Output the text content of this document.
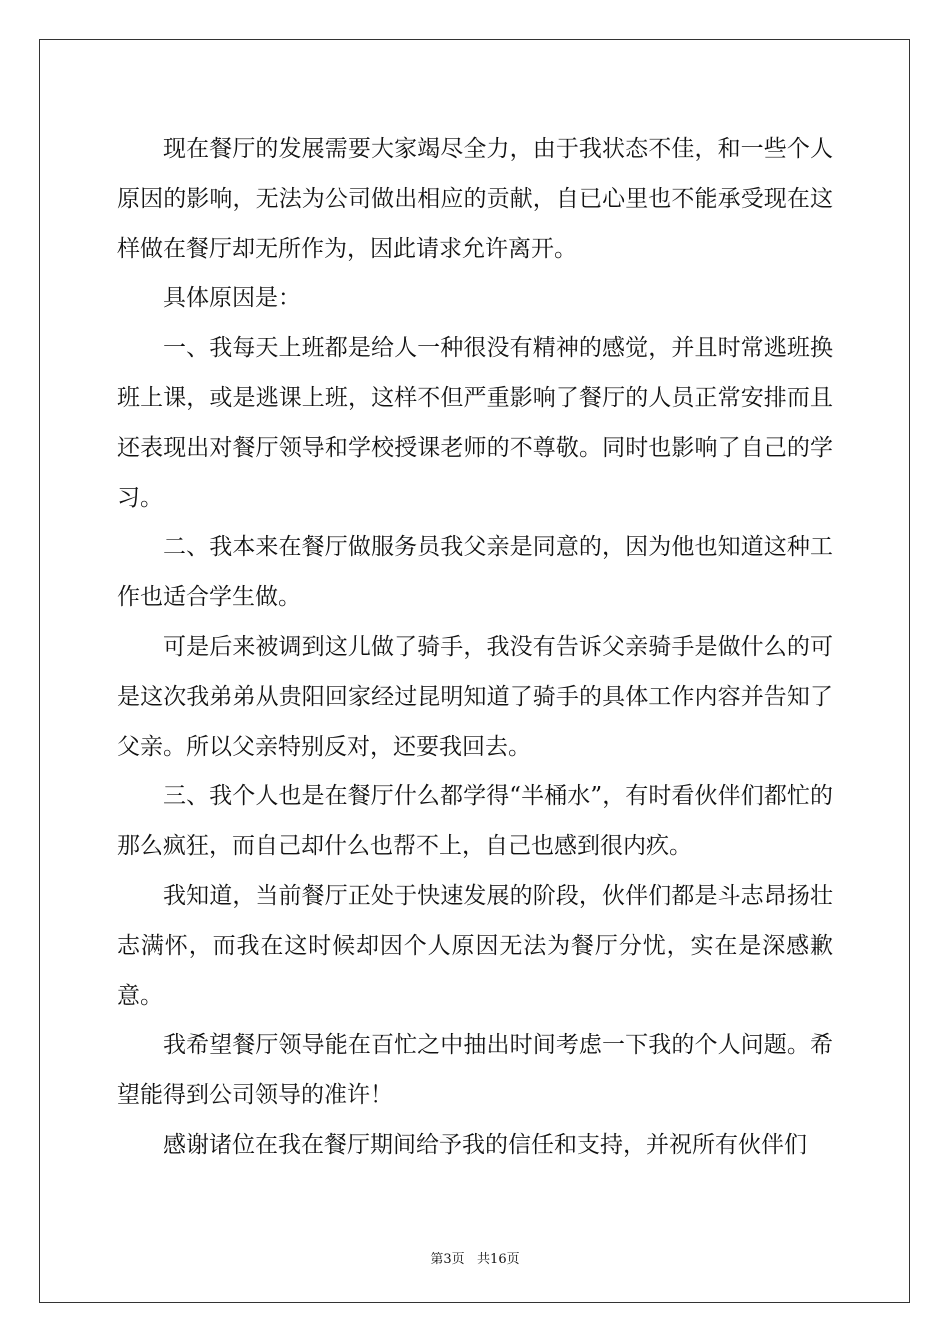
现在餐厅的发展需要大家竭尽全力，由于我状态不佳，和一些个人原因的影响，无法为公司做出相应的贡献，自已心里也不能承受现在这样做在餐厅却无所作为，因此请求允许离开。

具体原因是：

一、我每天上班都是给人一种很没有精神的感觉，并且时常逃班换班上课，或是逃课上班，这样不但严重影响了餐厅的人员正常安排而且还表现出对餐厅领导和学校授课老师的不尊敬。同时也影响了自己的学习。

二、我本来在餐厅做服务员我父亲是同意的，因为他也知道这种工作也适合学生做。

可是后来被调到这儿做了骑手，我没有告诉父亲骑手是做什么的可是这次我弟弟从贵阳回家经过昆明知道了骑手的具体工作内容并告知了父亲。所以父亲特别反对，还要我回去。

三、我个人也是在餐厅什么都学得“半桶水”，有时看伙伴们都忙的那么疯狂，而自己却什么也帮不上，自己也感到很内疚。

我知道，当前餐厅正处于快速发展的阶段，伙伴们都是斗志昂扬壮志满怀，而我在这时候却因个人原因无法为餐厅分忧，实在是深感歉意。

我希望餐厅领导能在百忙之中抽出时间考虑一下我的个人问题。希望能得到公司领导的准许！

感谢诸位在我在餐厅期间给予我的信任和支持，并祝所有伙伴们

第3页   共16页
